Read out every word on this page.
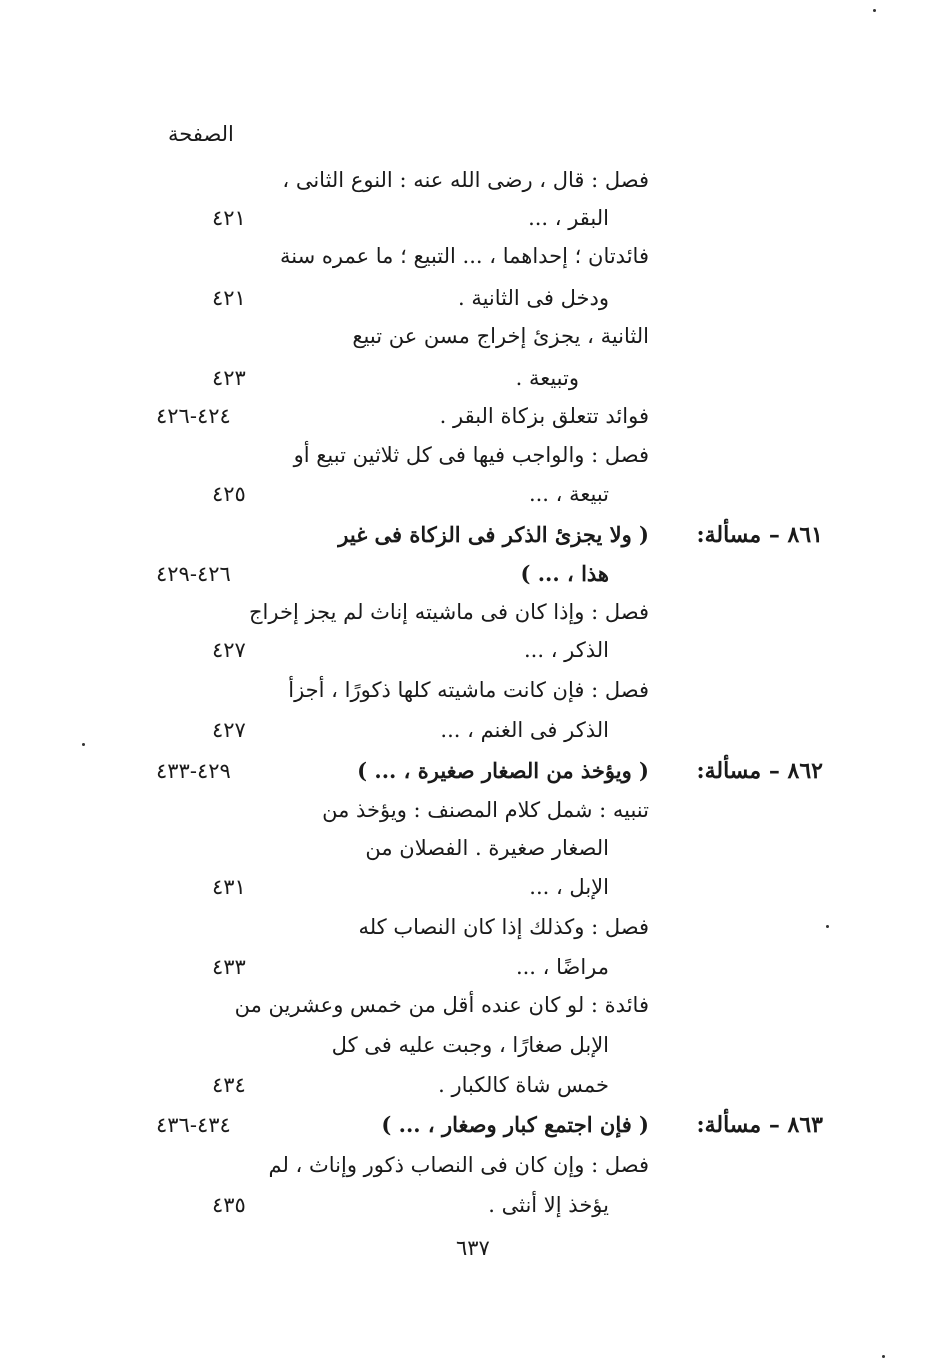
الصفحة
فصل : قال ، رضى الله عنه : النوع الثانى ،
البقر ، ...
٤٢١
فائدتان ؛ إحداهما ، ... التبيع ؛ ما عمره سنة
ودخل فى الثانية .
٤٢١
الثانية ، يجزئ إخراج مسن عن تبيع
وتبيعة .
٤٢٣
فوائد تتعلق بزكاة البقر .
٤٢٤-٤٢٦
فصل : والواجب فيها فى كل ثلاثين تبيع أو
تبيعة ، ...
٤٢٥
٨٦١ – مسألة:
( ولا يجزئ الذكر فى الزكاة فى غير
هذا ، ... )
٤٢٦-٤٢٩
فصل : وإذا كان فى ماشيته إناث لم يجز إخراج
الذكر ، ...
٤٢٧
فصل : فإن كانت ماشيته كلها ذكورًا ، أجزأ
الذكر فى الغنم ، ...
٤٢٧
٨٦٢ – مسألة:
( ويؤخذ من الصغار صغيرة ، ... )
٤٢٩-٤٣٣
تنبيه : شمل كلام المصنف : ويؤخذ من
الصغار صغيرة . الفصلان من
الإبل ، ...
٤٣١
فصل : وكذلك إذا كان النصاب كله
مراضًا ، ...
٤٣٣
فائدة : لو كان عنده أقل من خمس وعشرين من
الإبل صغارًا ، وجبت عليه فى كل
خمس شاة كالكبار .
٤٣٤
٨٦٣ – مسألة:
( فإن اجتمع كبار وصغار ، ... )
٤٣٤-٤٣٦
فصل : وإن كان فى النصاب ذكور وإناث ، لم
يؤخذ إلا أنثى .
٤٣٥
٦٣٧
